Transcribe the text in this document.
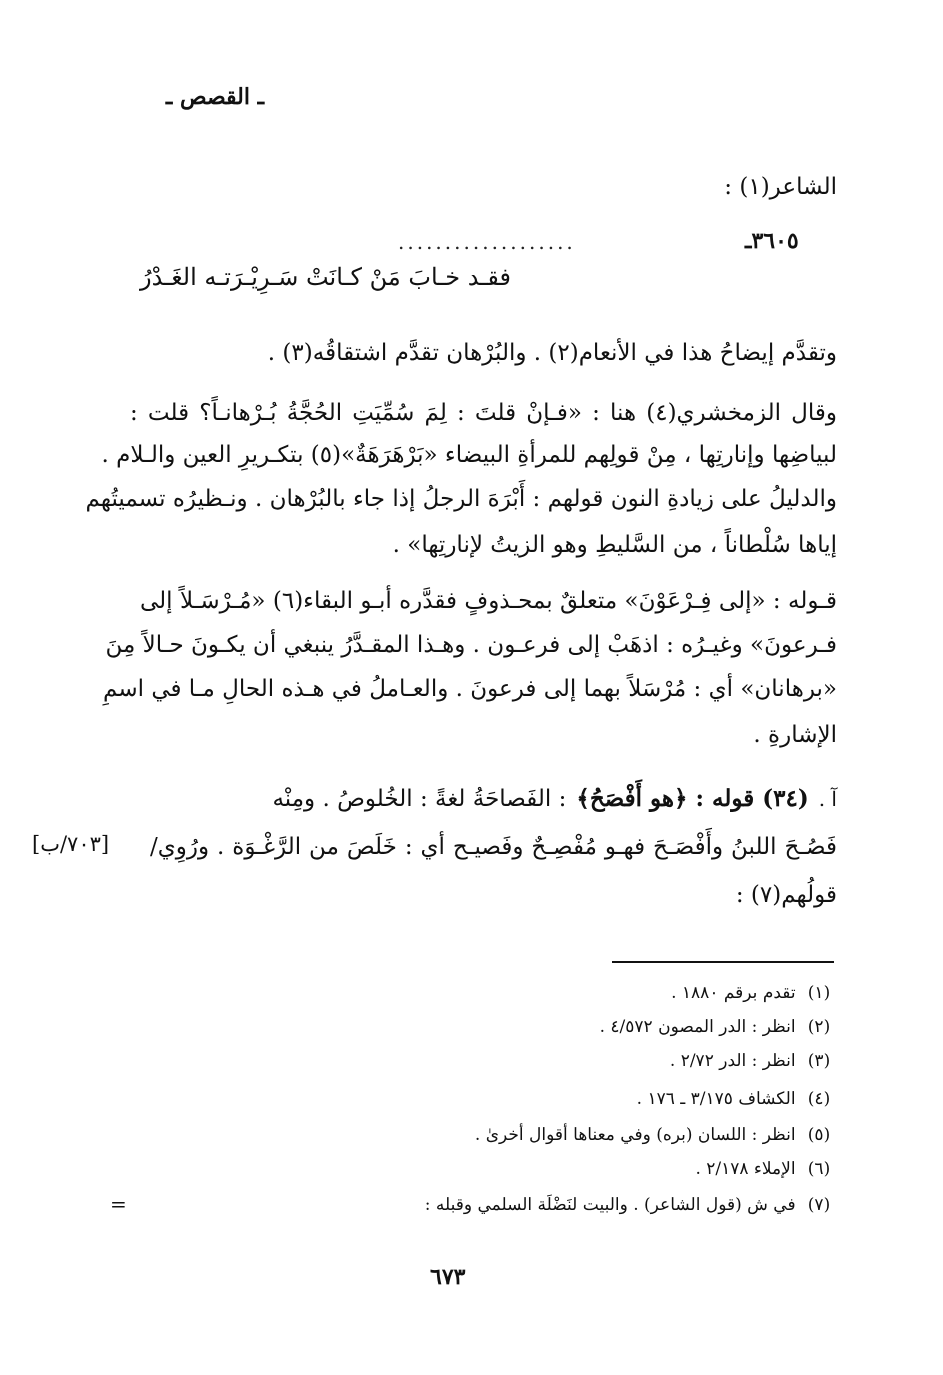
ـ القصص ـ
الشاعر(١) :
٣٦٠٥ـ
...................
فقـد خـابَ مَنْ كـانَتْ سَـرِيْـرَتـه الغَـدْرُ
وتقدَّم إيضاحُ هذا في الأنعام(٢) . والبُرْهان تقدَّم اشتقاقُه(٣) .
وقال الزمخشري(٤) هنا : «فـإنْ قلتَ : لِمَ سُمِّيَتِ الحُجَّةُ بُـرْهانـاً؟ قلت :
لبياضِها وإنارتِها ، مِنْ قولِهم للمرأةِ البيضاء «بَرْهَرَهَةٌ»(٥) بتكـريرِ العين والـلام .
والدليلُ على زيادةِ النون قولهم : أَبْرَهَ الرجلُ إذا جاء بالبُرْهان . ونـظيرُه تسميتُهم
إياها سُلْطاناً ، من السَّليطِ وهو الزيتُ لإنارتِها» .
قـوله : «إلى فِـرْعَوْنَ» متعلقٌ بمحـذوفٍ فقدَّره أبـو البقاء(٦) «مُـرْسَـلاً إلى
فـرعونَ» وغيـرُه : اذهَبْ إلى فرعـون . وهـذا المقـدَّرُ ينبغي أن يكـونَ حـالاً مِنَ
«برهانان» أي : مُرْسَلاً بهما إلى فرعونَ . والعـاملُ في هـذه الحالِ مـا في اسمِ
الإشارةِ .
آ .
(٣٤) قوله : ﴿هو أَفْصَحُ﴾
: الفَصاحَةُ لغةً : الخُلوصُ . ومِنْه
فَصُـحَ اللبنُ وأَفْصَـحَ فهـو مُفْصِـحٌ وفَصيـح أي : خَلَصَ من الرَّغْـوَة . ورُوِي/
قولُهم(٧) :
[٧٠٣/ب]
(١) تقدم برقم ١٨٨٠ .
(٢) انظر : الدر المصون ٤/٥٧٢ .
(٣) انظر : الدر ٢/٧٢ .
(٤) الكشاف ٣/١٧٥ ـ ١٧٦ .
(٥) انظر : اللسان (بره) وفي معناها أقوال أخرىٰ .
(٦) الإملاء ٢/١٧٨ .
(٧) في ش (قول الشاعر) . والبيت لنَضْلَة السلمي وقبله :
=
٦٧٣
